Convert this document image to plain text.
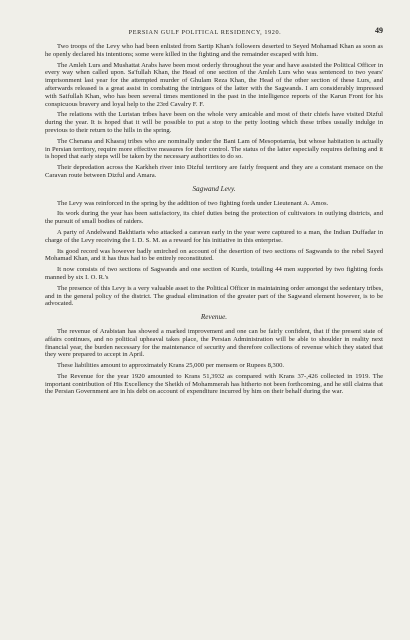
PERSIAN GULF POLITICAL RESIDENCY, 1920.	49

Two troops of the Levy who had been enlisted from Sartip Khan's followers deserted to Seyed Mohamad Khan as soon as he openly declared his intentions; some were killed in the fighting and the remainder escaped with him.

The Amleh Lurs and Mushattat Arabs have been most orderly throughout the year and have assisted the Political Officer in every way when called upon. Sa'fullah Khan, the Head of one section of the Amleh Lurs who was sentenced to two years' imprisonment last year for the attempted murder of Ghulam Reza Khan, the Head of the other section of these Lurs, and afterwards released is a great assist in combating the intrigues of the latter with the Sagwands. I am considerably impressed with Saifullah Khan, who has been several times mentioned in the past in the intelligence reports of the Karun Front for his conspicuous bravery and loyal help to the 23rd Cavalry F. F.

The relations with the Luristan tribes have been on the whole very amicable and most of their chiefs have visited Dizful during the year. It is hoped that it will be possible to put a stop to the petty looting which these tribes usually indulge in previous to their return to the hills in the spring.

The Chenana and Khasraj tribes who are nominally under the Bani Lam of Mesopotamia, but whose habitation is actually in Persian territory, require more effective measures for their control. The status of the latter especially requires defining and it is hoped that early steps will be taken by the necessary authorities to do so.

Their depredation across the Karkheh river into Dizful territory are fairly frequent and they are a constant menace on the Caravan route between Dizful and Amara.

Sagwand Levy.

The Levy was reinforced in the spring by the addition of two fighting fords under Lieutenant A. Amos.

Its work during the year has been satisfactory, its chief duties being the protection of cultivators in outlying districts, and the pursuit of small bodies of raiders.

A party of Andelwand Bakhtiaris who attacked a caravan early in the year were captured to a man, the Indian Duffadar in charge of the Levy receiving the I. D. S. M. as a reward for his initiative in this enterprise.

Its good record was however badly smirched on account of the desertion of two sections of Sagwands to the rebel Sayed Mohamad Khan, and it has thus had to be entirely reconstituted.

It now consists of two sections of Sagwands and one section of Kurds, totalling 44 men supported by two fighting fords manned by six I. O. R.'s

The presence of this Levy is a very valuable asset to the Political Officer in maintaining order amongst the sedentary tribes, and in the general policy of the district. The gradual elimination of the greater part of the Sagwand element however, is to be advocated.

Revenue.

The revenue of Arabistan has showed a marked improvement and one can be fairly confident, that if the present state of affairs continues, and no political upheaval takes place, the Persian Administration will be able to shoulder in reality next financial year, the burden necessary for the maintenance of security and therefore collections of revenue which they stated that they were prepared to accept in April.

These liabilities amount to approximately Krans 25,000 per mensem or Rupees 8,300.

The Revenue for the year 1920 amounted to Krans 51,3932 as compared with Krans 37-,426 collected in 1919. The important contribution of His Excellency the Sheikh of Mohammerah has hitherto not been forthcoming, and he still claims that the Persian Government are in his debt on account of expenditure incurred by him on their behalf during the war.
